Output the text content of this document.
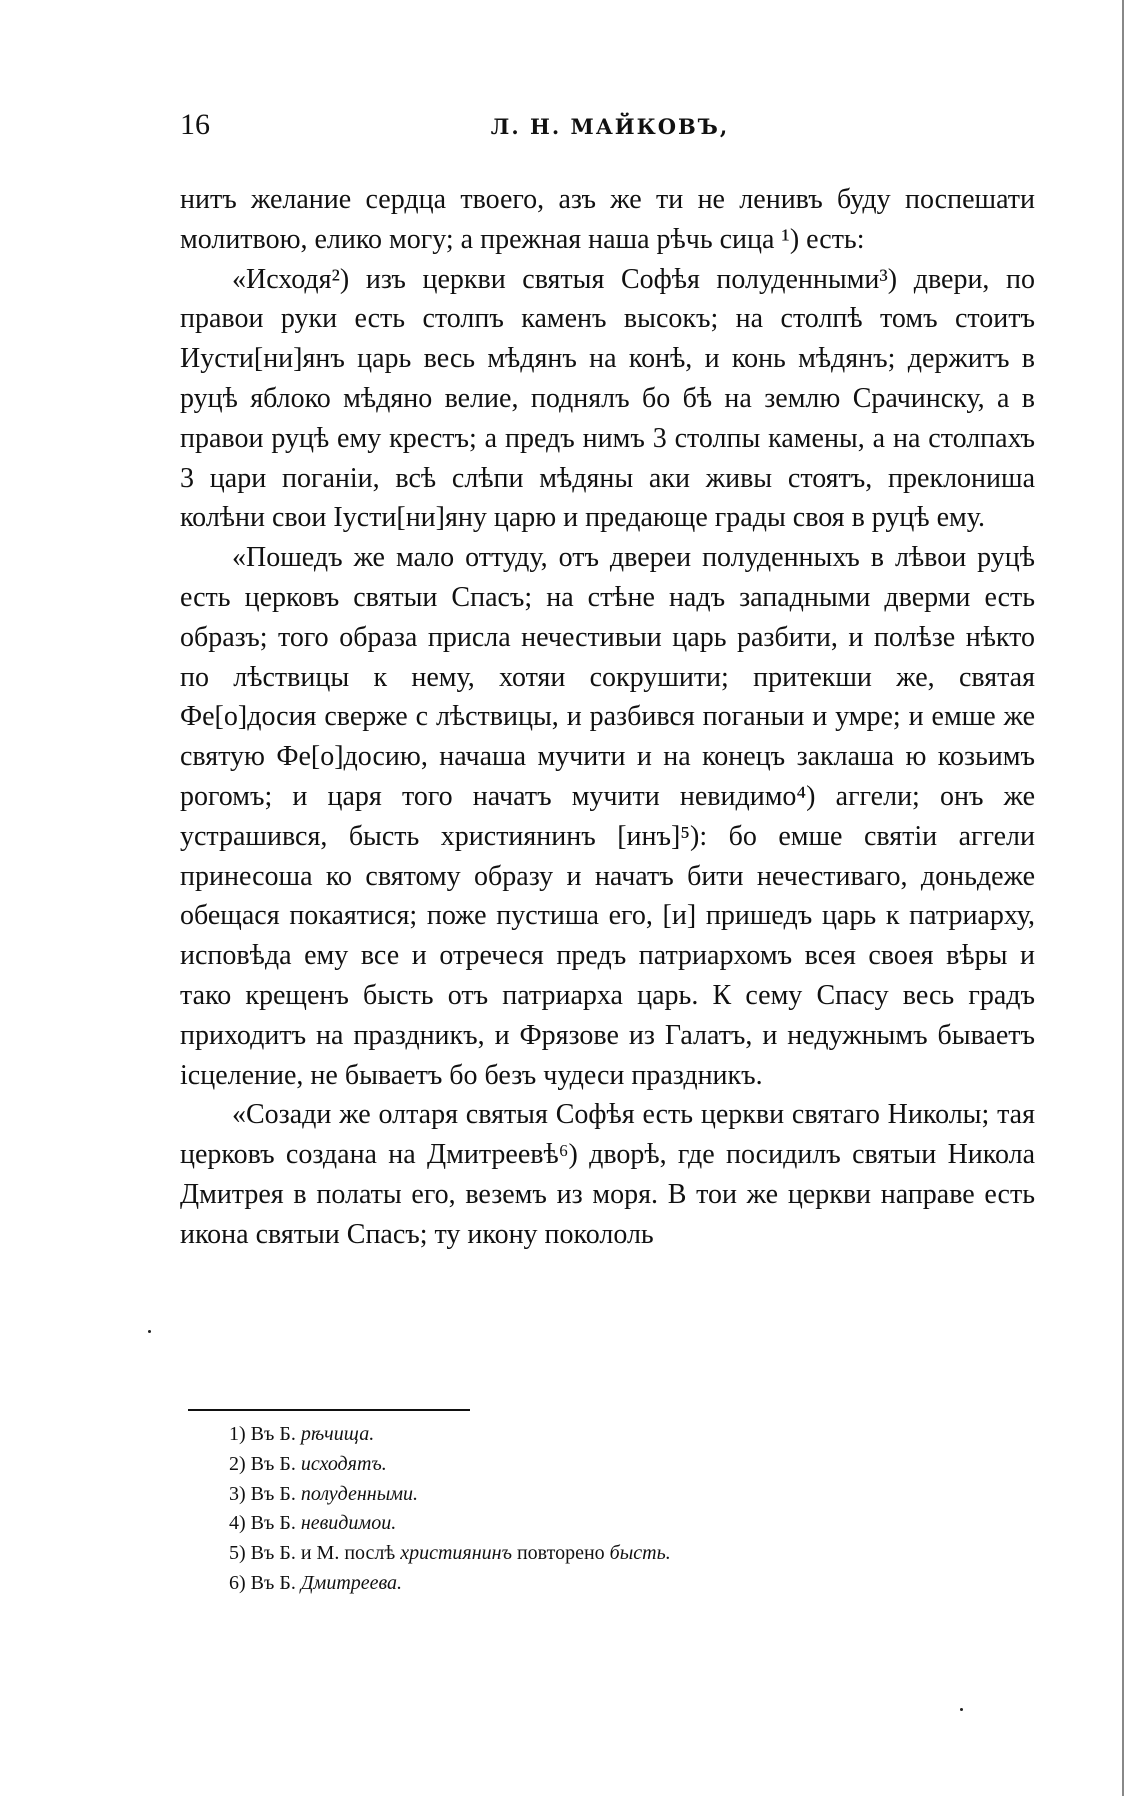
16	Л. Н. МАЙКОВЪ,

нитъ желание сердца твоего, азъ же ти не ленивъ буду поспешати молитвою, елико могу; а прежная наша рѣчь сица ¹) есть:

«Исходя²) изъ церкви святыя Софѣя полуденными³) двери, по правои руки есть столпъ каменъ высокъ; на столпѣ томъ стоитъ Иусти[ни]янъ царь весь мѣдянъ на конѣ, и конь мѣдянъ; держитъ в руцѣ яблоко мѣдяно велие, поднялъ бо бѣ на землю Срачинску, а в правои руцѣ ему крестъ; а предъ нимъ 3 столпы камены, а на столпахъ 3 цари поганіи, всѣ слѣпи мѣдяны аки живы стоятъ, преклониша колѣни свои Іусти[ни]яну царю и предающе грады своя в руцѣ ему.

«Пошедъ же мало оттуду, отъ двереи полуденныхъ в лѣвои руцѣ есть церковъ святыи Спасъ; на стѣне надъ западными дверми есть образъ; того образа присла нечестивыи царь разбити, и полѣзе нѣкто по лѣствицы к нему, хотяи сокрушити; притекши же, святая Фе[о]досия сверже с лѣствицы, и разбився поганыи и умре; и емше же святую Фе[о]досию, начаша мучити и на конецъ заклаша ю козьимъ рогомъ; и царя того начатъ мучити невидимо⁴) аггели; онъ же устрашився, бысть християнинъ [инъ]⁵): бо емше святіи аггели принесоша ко святому образу и начатъ бити нечестиваго, доньдеже обещася покаятися; поже пустиша его, [и] пришедъ царь к патриарху, исповѣда ему все и отречеся предъ патриархомъ всея своея вѣры и тако крещенъ бысть отъ патриарха царь. К сему Спасу весь градъ приходитъ на праздникъ, и Фрязове из Галатъ, и недужнымъ бываетъ іcцеление, не бываетъ бо безъ чудеси праздникъ.

«Созади же олтаря святыя Софѣя есть церкви святаго Николы; тая церковъ создана на Дмитреевѣ⁶) дворѣ, где посидилъ святыи Никола Дмитрея в полаты его, веземъ из моря. В тои же церкви направе есть икона святыи Спасъ; ту икону покололь

1) Въ Б. рѣчища.
2) Въ Б. исходятъ.
3) Въ Б. полуденными.
4) Въ Б. невидимои.
5) Въ Б. и М. послѣ християнинъ повторено бысть.
6) Въ Б. Дмитреева.
